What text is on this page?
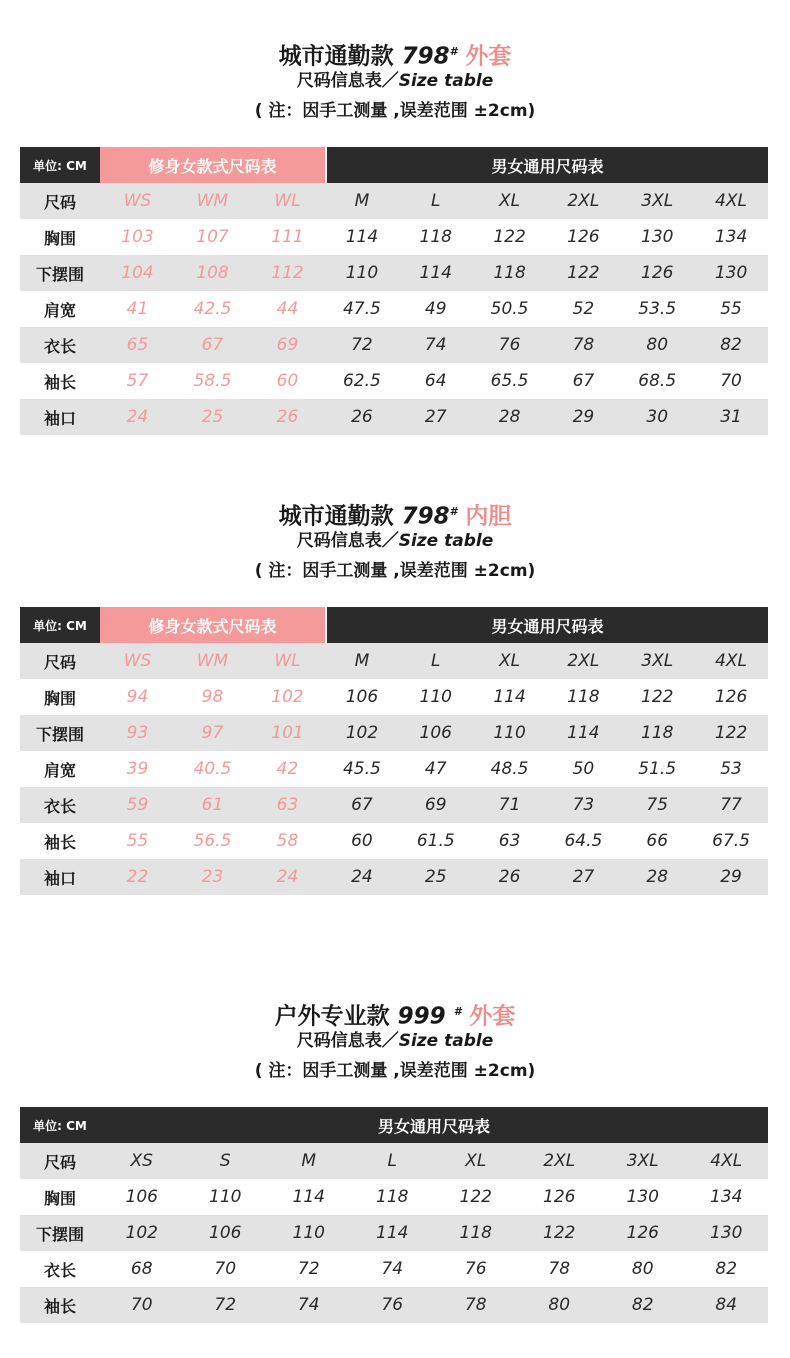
城市通勤款 798# 外套
尺码信息表／Size table
( 注：因手工测量 ,误差范围 ±2cm)
单位: CM	修身女款式尺码表	男女通用尺码表
尺码	WS	WM	WL	M	L	XL	2XL	3XL	4XL
胸围	103	107	111	114	118	122	126	130	134
下摆围	104	108	112	110	114	118	122	126	130
肩宽	41	42.5	44	47.5	49	50.5	52	53.5	55
衣长	65	67	69	72	74	76	78	80	82
袖长	57	58.5	60	62.5	64	65.5	67	68.5	70
袖口	24	25	26	26	27	28	29	30	31
城市通勤款 798# 内胆
尺码信息表／Size table
( 注：因手工测量 ,误差范围 ±2cm)
单位: CM	修身女款式尺码表	男女通用尺码表
尺码	WS	WM	WL	M	L	XL	2XL	3XL	4XL
胸围	94	98	102	106	110	114	118	122	126
下摆围	93	97	101	102	106	110	114	118	122
肩宽	39	40.5	42	45.5	47	48.5	50	51.5	53
衣长	59	61	63	67	69	71	73	75	77
袖长	55	56.5	58	60	61.5	63	64.5	66	67.5
袖口	22	23	24	24	25	26	27	28	29
户外专业款 999 # 外套
尺码信息表／Size table
( 注：因手工测量 ,误差范围 ±2cm)
单位: CM	男女通用尺码表
尺码	XS	S	M	L	XL	2XL	3XL	4XL
胸围	106	110	114	118	122	126	130	134
下摆围	102	106	110	114	118	122	126	130
衣长	68	70	72	74	76	78	80	82
袖长	70	72	74	76	78	80	82	84
